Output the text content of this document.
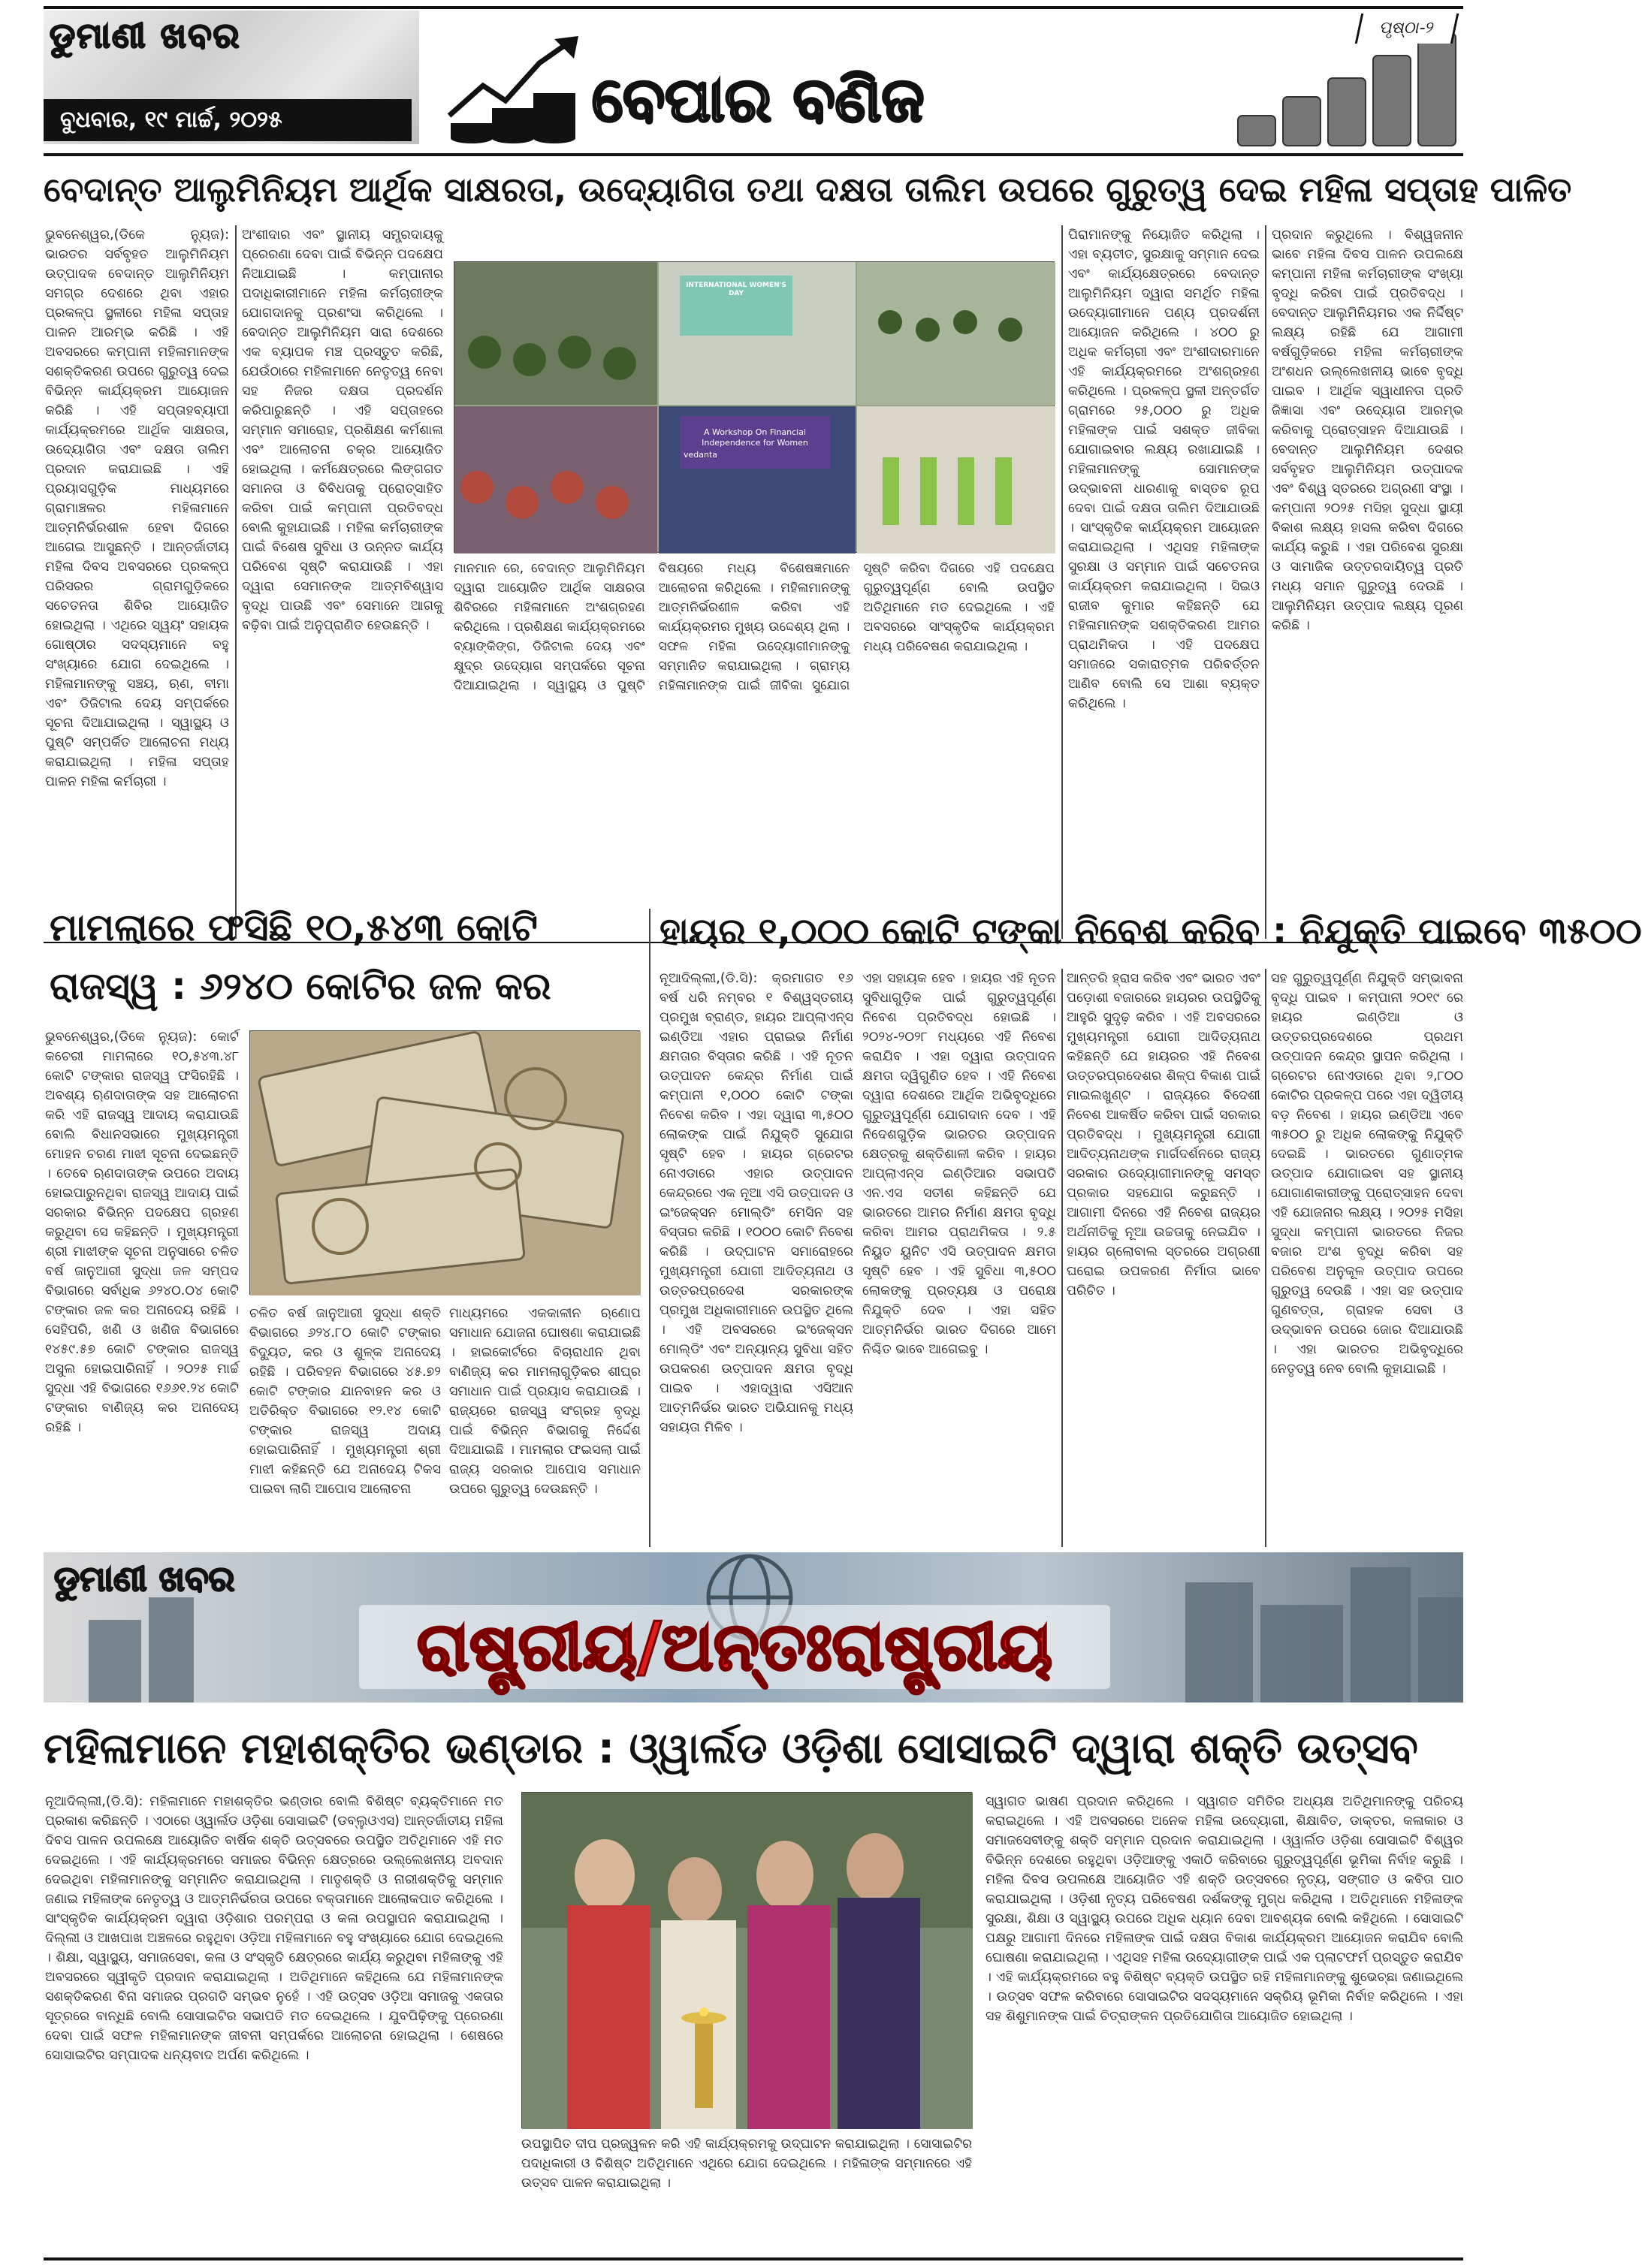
ଡୁମାଣୀ ଖବର
ବୁଧବାର, ୧୯ ମାର୍ଚ୍ଚ, ୨୦୨୫	ବେପାର ବଣିଜ
ପୃଷ୍ଠା-୨
ବେଦାନ୍ତ ଆଲୁମିନିୟମ ଆର୍ଥିକ ସାକ୍ଷରତା, ଉଦ୍ୟୋଗିତା ତଥା ଦକ୍ଷତା ତାଲିମ ଉପରେ ଗୁରୁତ୍ୱ ଦେଇ ମହିଳା ସପ୍ତାହ ପାଳିତ
ଭୁବନେଶ୍ୱର,(ଡିକେ ନ୍ୟୁଜ): ଭାରତର ସର୍ବବୃହତ ଆଲୁମିନିୟମ ଉତ୍ପାଦକ ବେଦାନ୍ତ ଆଲୁମିନିୟମ ସମଗ୍ର ଦେଶରେ ଥିବା ଏହାର ପ୍ରକଳ୍ପ ସ୍ଥଳୀରେ ମହିଳା ସପ୍ତାହ ପାଳନ ଆରମ୍ଭ କରିଛି । ଏହି ଅବସରରେ କମ୍ପାନୀ ମହିଳାମାନଙ୍କ ସଶକ୍ତିକରଣ ଉପରେ ଗୁରୁତ୍ୱ ଦେଇ ବିଭିନ୍ନ କାର୍ଯ୍ୟକ୍ରମ ଆୟୋଜନ କରିଛି । ଏହି ସପ୍ତାହବ୍ୟାପୀ କାର୍ଯ୍ୟକ୍ରମରେ ଆର୍ଥିକ ସାକ୍ଷରତା, ଉଦ୍ୟୋଗିତା ଏବଂ ଦକ୍ଷତା ତାଲିମ ପ୍ରଦାନ କରାଯାଇଛି । ଏହି ପ୍ରୟାସଗୁଡ଼ିକ ମାଧ୍ୟମରେ ଗ୍ରାମାଞ୍ଚଳର ମହିଳାମାନେ ଆତ୍ମନିର୍ଭରଶୀଳ ହେବା ଦିଗରେ ଆଗେଇ ଆସୁଛନ୍ତି । ଆନ୍ତର୍ଜାତୀୟ ମହିଳା ଦିବସ ଅବସରରେ ପ୍ରକଳ୍ପ ପରିସରର ଗ୍ରାମଗୁଡ଼ିକରେ ସଚେତନତା ଶିବିର ଆୟୋଜିତ ହୋଇଥିଲା । ଏଥିରେ ସ୍ୱୟଂ ସହାୟକ ଗୋଷ୍ଠୀର ସଦସ୍ୟମାନେ ବହୁ ସଂଖ୍ୟାରେ ଯୋଗ ଦେଇଥିଲେ । ମହିଳାମାନଙ୍କୁ ସଞ୍ଚୟ, ଋଣ, ବୀମା ଏବଂ ଡିଜିଟାଲ ଦେୟ ସମ୍ପର୍କରେ ସୂଚନା ଦିଆଯାଇଥିଲା । ସ୍ୱାସ୍ଥ୍ୟ ଓ ପୁଷ୍ଟି ସମ୍ପର୍କିତ ଆଲୋଚନା ମଧ୍ୟ କରାଯାଇଥିଲା । ମହିଳା ସପ୍ତାହ ପାଳନ ମହିଳା କର୍ମଚାରୀ ।
ଅଂଶୀଦାର ଏବଂ ସ୍ଥାନୀୟ ସମ୍ପ୍ରଦାୟକୁ ପ୍ରେରଣା ଦେବା ପାଇଁ ବିଭିନ୍ନ ପଦକ୍ଷେପ ନିଆଯାଇଛି । କମ୍ପାନୀର ପଦାଧିକାରୀମାନେ ମହିଳା କର୍ମଚାରୀଙ୍କ ଯୋଗଦାନକୁ ପ୍ରଶଂସା କରିଥିଲେ । ବେଦାନ୍ତ ଆଲୁମିନିୟମ ସାରା ଦେଶରେ ଏକ ବ୍ୟାପକ ମଞ୍ଚ ପ୍ରସ୍ତୁତ କରିଛି, ଯେଉଁଠାରେ ମହିଳାମାନେ ନେତୃତ୍ୱ ନେବା ସହ ନିଜର ଦକ୍ଷତା ପ୍ରଦର୍ଶନ କରିପାରୁଛନ୍ତି । ଏହି ସପ୍ତାହରେ ସମ୍ମାନ ସମାରୋହ, ପ୍ରଶିକ୍ଷଣ କର୍ମଶାଳା ଏବଂ ଆଲୋଚନା ଚକ୍ର ଆୟୋଜିତ ହୋଇଥିଲା । କର୍ମକ୍ଷେତ୍ରରେ ଲିଙ୍ଗଗତ ସମାନତା ଓ ବିବିଧତାକୁ ପ୍ରୋତ୍ସାହିତ କରିବା ପାଇଁ କମ୍ପାନୀ ପ୍ରତିବଦ୍ଧ ବୋଲି କୁହାଯାଇଛି । ମହିଳା କର୍ମଚାରୀଙ୍କ ପାଇଁ ବିଶେଷ ସୁବିଧା ଓ ଉନ୍ନତ କାର୍ଯ୍ୟ ପରିବେଶ ସୃଷ୍ଟି କରାଯାଉଛି । ଏହା ଦ୍ୱାରା ସେମାନଙ୍କ ଆତ୍ମବିଶ୍ୱାସ ବୃଦ୍ଧି ପାଉଛି ଏବଂ ସେମାନେ ଆଗକୁ ବଢ଼ିବା ପାଇଁ ଅନୁପ୍ରାଣିତ ହେଉଛନ୍ତି ।
INTERNATIONAL WOMEN'S DAY
A Workshop On Financial Independence for Women
vedanta
ମାନମାନ ରେ, ବେଦାନ୍ତ ଆଲୁମିନିୟମ ଦ୍ୱାରା ଆୟୋଜିତ ଆର୍ଥିକ ସାକ୍ଷରତା ଶିବିରରେ ମହିଳାମାନେ ଅଂଶଗ୍ରହଣ କରିଥିଲେ । ପ୍ରଶିକ୍ଷଣ କାର୍ଯ୍ୟକ୍ରମରେ ବ୍ୟାଙ୍କିଙ୍ଗ, ଡିଜିଟାଲ ଦେୟ ଏବଂ କ୍ଷୁଦ୍ର ଉଦ୍ୟୋଗ ସମ୍ପର୍କରେ ସୂଚନା ଦିଆଯାଇଥିଲା । ସ୍ୱାସ୍ଥ୍ୟ ଓ ପୁଷ୍ଟି ବିଷୟରେ ମଧ୍ୟ ବିଶେଷଜ୍ଞମାନେ ଆଲୋଚନା କରିଥିଲେ । ମହିଳାମାନଙ୍କୁ ଆତ୍ମନିର୍ଭରଶୀଳ କରିବା ଏହି କାର୍ଯ୍ୟକ୍ରମର ମୁଖ୍ୟ ଉଦ୍ଦେଶ୍ୟ ଥିଲା । ସଫଳ ମହିଳା ଉଦ୍ୟୋଗୀମାନଙ୍କୁ ସମ୍ମାନିତ କରାଯାଇଥିଲା । ଗ୍ରାମ୍ୟ ମହିଳାମାନଙ୍କ ପାଇଁ ଜୀବିକା ସୁଯୋଗ ସୃଷ୍ଟି କରିବା ଦିଗରେ ଏହି ପଦକ୍ଷେପ ଗୁରୁତ୍ୱପୂର୍ଣ୍ଣ ବୋଲି ଉପସ୍ଥିତ ଅତିଥିମାନେ ମତ ଦେଇଥିଲେ । ଏହି ଅବସରରେ ସାଂସ୍କୃତିକ କାର୍ଯ୍ୟକ୍ରମ ମଧ୍ୟ ପରିବେଷଣ କରାଯାଇଥିଲା ।
ପିରାମାନଙ୍କୁ ନିୟୋଜିତ କରିଥିଲା । ଏହା ବ୍ୟତୀତ, ସୁରକ୍ଷାକୁ ସମ୍ମାନ ଦେଇ ଏବଂ କାର୍ଯ୍ୟକ୍ଷେତ୍ରରେ ବେଦାନ୍ତ ଆଲୁମିନିୟମ ଦ୍ୱାରା ସମର୍ଥିତ ମହିଳା ଉଦ୍ୟୋଗୀମାନେ ପଣ୍ୟ ପ୍ରଦର୍ଶନୀ ଆୟୋଜନ କରିଥିଲେ । ୪୦୦ ରୁ ଅଧିକ କର୍ମଚାରୀ ଏବଂ ଅଂଶୀଦାରମାନେ ଏହି କାର୍ଯ୍ୟକ୍ରମରେ ଅଂଶଗ୍ରହଣ କରିଥିଲେ । ପ୍ରକଳ୍ପ ସ୍ଥଳୀ ଅନ୍ତର୍ଗତ ଗ୍ରାମରେ ୨୫,୦୦୦ ରୁ ଅଧିକ ମହିଳାଙ୍କ ପାଇଁ ସଶକ୍ତ ଜୀବିକା ଯୋଗାଇବାର ଲକ୍ଷ୍ୟ ରଖାଯାଇଛି । ମହିଳାମାନଙ୍କୁ ସୋମାନଙ୍କ ଉଦ୍ଭାବନୀ ଧାରଣାକୁ ବାସ୍ତବ ରୂପ ଦେବା ପାଇଁ ଦକ୍ଷତା ତାଲିମ ଦିଆଯାଉଛି । ସାଂସ୍କୃତିକ କାର୍ଯ୍ୟକ୍ରମ ଆୟୋଜନ କରାଯାଇଥିଲା । ଏଥିସହ ମହିଳାଙ୍କ ସୁରକ୍ଷା ଓ ସମ୍ମାନ ପାଇଁ ସଚେତନତା କାର୍ଯ୍ୟକ୍ରମ କରାଯାଇଥିଲା । ସିଇଓ ରାଜୀବ କୁମାର କହିଛନ୍ତି ଯେ ମହିଳାମାନଙ୍କ ସଶକ୍ତିକରଣ ଆମର ପ୍ରାଥମିକତା । ଏହି ପଦକ୍ଷେପ ସମାଜରେ ସକାରାତ୍ମକ ପରିବର୍ତ୍ତନ ଆଣିବ ବୋଲି ସେ ଆଶା ବ୍ୟକ୍ତ କରିଥିଲେ ।
ପ୍ରଦାନ କରୁଥିଲେ । ବିଶ୍ୱଜନୀନ ଭାବେ ମହିଳା ଦିବସ ପାଳନ ଉପଲକ୍ଷେ କମ୍ପାନୀ ମହିଳା କର୍ମଚାରୀଙ୍କ ସଂଖ୍ୟା ବୃଦ୍ଧି କରିବା ପାଇଁ ପ୍ରତିବଦ୍ଧ । ବେଦାନ୍ତ ଆଲୁମିନିୟମର ଏକ ନିର୍ଦ୍ଦିଷ୍ଟ ଲକ୍ଷ୍ୟ ରହିଛି ଯେ ଆଗାମୀ ବର୍ଷଗୁଡ଼ିକରେ ମହିଳା କର୍ମଚାରୀଙ୍କ ଅଂଶଧନ ଉଲ୍ଲେଖନୀୟ ଭାବେ ବୃଦ୍ଧି ପାଇବ । ଆର୍ଥିକ ସ୍ୱାଧୀନତା ପ୍ରତି ଜିଜ୍ଞାସା ଏବଂ ଉଦ୍ୟୋଗ ଆରମ୍ଭ କରିବାକୁ ପ୍ରୋତ୍ସାହନ ଦିଆଯାଉଛି । ବେଦାନ୍ତ ଆଲୁମିନିୟମ ଦେଶର ସର୍ବବୃହତ ଆଲୁମିନିୟମ ଉତ୍ପାଦକ ଏବଂ ବିଶ୍ୱ ସ୍ତରରେ ଅଗ୍ରଣୀ ସଂସ୍ଥା । କମ୍ପାନୀ ୨୦୨୫ ମସିହା ସୁଦ୍ଧା ସ୍ଥାୟୀ ବିକାଶ ଲକ୍ଷ୍ୟ ହାସଲ କରିବା ଦିଗରେ କାର୍ଯ୍ୟ କରୁଛି । ଏହା ପରିବେଶ ସୁରକ୍ଷା ଓ ସାମାଜିକ ଉତ୍ତରଦାୟିତ୍ୱ ପ୍ରତି ମଧ୍ୟ ସମାନ ଗୁରୁତ୍ୱ ଦେଉଛି । ଆଲୁମିନିୟମ ଉତ୍ପାଦ ଲକ୍ଷ୍ୟ ପୂରଣ କରିଛି ।
ମାମଲାରେ ଫସିଛି ୧୦,୫୪୩ କୋଟି
ରାଜସ୍ୱ : ୬୨୪୦ କୋଟିର ଜଳ କର
ଭୁବନେଶ୍ୱର,(ଡିକେ ନ୍ୟୁଜ): କୋର୍ଟ କଚେରୀ ମାମଲାରେ ୧୦,୫୪୩.୪୮ କୋଟି ଟଙ୍କାର ରାଜସ୍ୱ ଫସିରହିଛି । ଅବଶ୍ୟ ଋଣଦାତାଙ୍କ ସହ ଆଲୋଚନା କରି ଏହି ରାଜସ୍ୱ ଆଦାୟ କରାଯାଉଛି ବୋଲି ବିଧାନସଭାରେ ମୁଖ୍ୟମନ୍ତ୍ରୀ ମୋହନ ଚରଣ ମାଝୀ ସୂଚନା ଦେଇଛନ୍ତି । ତେବେ ଋଣଦାତାଙ୍କ ଉପରେ ଅଦାୟ ହୋଇପାରୁନଥିବା ରାଜସ୍ୱ ଆଦାୟ ପାଇଁ ସରକାର ବିଭିନ୍ନ ପଦକ୍ଷେପ ଗ୍ରହଣ କରୁଥିବା ସେ କହିଛନ୍ତି । ମୁଖ୍ୟମନ୍ତ୍ରୀ ଶ୍ରୀ ମାଝୀଙ୍କ ସୂଚନା ଅନୁସାରେ ଚଳିତ ବର୍ଷ ଜାନୁଆରୀ ସୁଦ୍ଧା ଜଳ ସମ୍ପଦ ବିଭାଗରେ ସର୍ବାଧିକ ୬୨୪୦.୦୪ କୋଟି ଟଙ୍କାର ଜଳ କର ଅନାଦେୟ ରହିଛି । ସେହିପରି, ଖଣି ଓ ଖଣିଜ ବିଭାଗରେ ୧୪୫୯.୫୭ କୋଟି ଟଙ୍କାର ରାଜସ୍ୱ ଅସୁଲ ହୋଇପାରିନାହିଁ । ୨୦୨୫ ମାର୍ଚ୍ଚ ସୁଦ୍ଧା ଏହି ବିଭାଗରେ ୧୬୬୧.୨୪ କୋଟି ଟଙ୍କାର ବାଣିଜ୍ୟ କର ଅନାଦେୟ ରହିଛି ।
ଚଳିତ ବର୍ଷ ଜାନୁଆରୀ ସୁଦ୍ଧା ଶକ୍ତି ବିଭାଗରେ ୬୨୪.୮୦ କୋଟି ଟଙ୍କାର ବିଦ୍ୟୁତ, କର ଓ ଶୁଳ୍କ ଅନାଦେୟ ରହିଛି । ପରିବହନ ବିଭାଗରେ ୪୫.୭୨ କୋଟି ଟଙ୍କାର ଯାନବାହନ କର ଓ ଅତିରିକ୍ତ ବିଭାଗରେ ୧୨.୧୪ କୋଟି ଟଙ୍କାର ରାଜସ୍ୱ ଅଦାୟ ହୋଇପାରିନାହିଁ । ମୁଖ୍ୟମନ୍ତ୍ରୀ ଶ୍ରୀ ମାଝୀ କହିଛନ୍ତି ଯେ ଅନାଦେୟ ଟିକସ ପାଇବା ଲାଗି ଆପୋସ ଆଲୋଚନା
ମାଧ୍ୟମରେ ଏକକାଳୀନ ଋଣୋପ ସମାଧାନ ଯୋଜନା ଘୋଷଣା କରାଯାଇଛି । ହାଇକୋର୍ଟରେ ବିଚାରାଧୀନ ଥିବା ବାଣିଜ୍ୟ କର ମାମଲାଗୁଡ଼ିକର ଶୀଘ୍ର ସମାଧାନ ପାଇଁ ପ୍ରୟାସ କରାଯାଉଛି । ରାଜ୍ୟରେ ରାଜସ୍ୱ ସଂଗ୍ରହ ବୃଦ୍ଧି ପାଇଁ ବିଭିନ୍ନ ବିଭାଗକୁ ନିର୍ଦ୍ଦେଶ ଦିଆଯାଇଛି । ମାମଲାର ଫଇସଲା ପାଇଁ ରାଜ୍ୟ ସରକାର ଆପୋସ ସମାଧାନ ଉପରେ ଗୁରୁତ୍ୱ ଦେଉଛନ୍ତି ।
ହାୟର ୧,୦୦୦ କୋଟି ଟଙ୍କା ନିବେଶ କରିବ : ନିଯୁକ୍ତି ପାଇବେ ୩୫୦୦
ନୂଆଦିଲ୍ଲୀ,(ଡି.ସି): କ୍ରମାଗତ ୧୬ ବର୍ଷ ଧରି ନମ୍ବର ୧ ବିଶ୍ୱସ୍ତରୀୟ ପ୍ରମୁଖ ବ୍ରାଣ୍ଡ, ହାୟର ଆପ୍ଲାଏନ୍ସ ଇଣ୍ଡିଆ ଏହାର ପ୍ରାଇଭ ନିର୍ମାଣ କ୍ଷମତାର ବିସ୍ତାର କରିଛି । ଏହି ନୂତନ ଉତ୍ପାଦନ କେନ୍ଦ୍ର ନିର୍ମାଣ ପାଇଁ କମ୍ପାନୀ ୧,୦୦୦ କୋଟି ଟଙ୍କା ନିବେଶ କରିବ । ଏହା ଦ୍ୱାରା ୩,୫୦୦ ଲୋକଙ୍କ ପାଇଁ ନିଯୁକ୍ତି ସୁଯୋଗ ସୃଷ୍ଟି ହେବ । ହାୟର ଗ୍ରେଟର ନୋଏଡାରେ ଏହାର ଉତ୍ପାଦନ କେନ୍ଦ୍ରରେ ଏକ ନୂଆ ଏସି ଉତ୍ପାଦନ ଓ ଇଂଜେକ୍ସନ ମୋଲ୍ଡିଂ ମେସିନ ସହ ବିସ୍ତାର କରିଛି । ୧୦୦୦ କୋଟି ନିବେଶ କରିଛି । ଉଦ୍‌ଘାଟନ ସମାରୋହରେ ମୁଖ୍ୟମନ୍ତ୍ରୀ ଯୋଗୀ ଆଦିତ୍ୟନାଥ ଓ ଉତ୍ତରପ୍ରଦେଶ ସରକାରଙ୍କ ପ୍ରମୁଖ ଅଧିକାରୀମାନେ ଉପସ୍ଥିତ ଥିଲେ । ଏହି ଅବସରରେ ଇଂଜେକ୍ସନ ମୋଲ୍ଡିଂ ଏବଂ ଅନ୍ୟାନ୍ୟ ସୁବିଧା ସହିତ ଉପକରଣ ଉତ୍ପାଦନ କ୍ଷମତା ବୃଦ୍ଧି ପାଇବ । ଏହାଦ୍ୱାରା ଏସିଆନ ଆତ୍ମନିର୍ଭର ଭାରତ ଅଭିଯାନକୁ ମଧ୍ୟ ସହାୟତା ମିଳିବ ।
ଏହା ସହାୟକ ହେବ । ହାୟର ଏହି ନୂତନ ସୁବିଧାଗୁଡ଼ିକ ପାଇଁ ଗୁରୁତ୍ୱପୂର୍ଣ୍ଣ ନିବେଶ ପ୍ରତିବଦ୍ଧ ହୋଇଛି । ୨୦୨୪-୨୦୨୮ ମଧ୍ୟରେ ଏହି ନିବେଶ କରାଯିବ । ଏହା ଦ୍ୱାରା ଉତ୍ପାଦନ କ୍ଷମତା ଦ୍ୱିଗୁଣିତ ହେବ । ଏହି ନିବେଶ ଦ୍ୱାରା ଦେଶରେ ଆର୍ଥିକ ଅଭିବୃଦ୍ଧିରେ ଗୁରୁତ୍ୱପୂର୍ଣ୍ଣ ଯୋଗଦାନ ଦେବ । ଏହି ନିଦେଶଗୁଡ଼ିକ ଭାରତର ଉତ୍ପାଦନ କ୍ଷେତ୍ରକୁ ଶକ୍ତିଶାଳୀ କରିବ । ହାୟର ଆପ୍ଲାଏନ୍ସ ଇଣ୍ଡିଆର ସଭାପତି ଏନ.ଏସ ସତୀଶ କହିଛନ୍ତି ଯେ ଭାରତରେ ଆମର ନିର୍ମାଣ କ୍ଷମତା ବୃଦ୍ଧି କରିବା ଆମର ପ୍ରାଥମିକତା । ୨.୫ ନିୟୁତ ୟୁନିଟ ଏସି ଉତ୍ପାଦନ କ୍ଷମତା ସୃଷ୍ଟି ହେବ । ଏହି ସୁବିଧା ୩,୫୦୦ ଲୋକଙ୍କୁ ପ୍ରତ୍ୟକ୍ଷ ଓ ପରୋକ୍ଷ ନିଯୁକ୍ତି ଦେବ । ଏହା ସହିତ ଆତ୍ମନିର୍ଭର ଭାରତ ଦିଗରେ ଆମେ ନିଶ୍ଚିତ ଭାବେ ଆଗେଇବୁ ।
ଆନ୍ତରି ହ୍ରାସ କରିବ ଏବଂ ଭାରତ ଏବଂ ପଡ଼ୋଶୀ ବଜାରରେ ହାୟରର ଉପସ୍ଥିତିକୁ ଆହୁରି ସୁଦୃଢ଼ କରିବ । ଏହି ଅବସରରେ ମୁଖ୍ୟମନ୍ତ୍ରୀ ଯୋଗୀ ଆଦିତ୍ୟନାଥ କହିଛନ୍ତି ଯେ ହାୟରର ଏହି ନିବେଶ ଉତ୍ତରପ୍ରଦେଶର ଶିଳ୍ପ ବିକାଶ ପାଇଁ ମାଇଲଖୁଣ୍ଟ । ରାଜ୍ୟରେ ବିଦେଶୀ ନିବେଶ ଆକର୍ଷିତ କରିବା ପାଇଁ ସରକାର ପ୍ରତିବଦ୍ଧ । ମୁଖ୍ୟମନ୍ତ୍ରୀ ଯୋଗୀ ଆଦିତ୍ୟନାଥଙ୍କ ମାର୍ଗଦର୍ଶନରେ ରାଜ୍ୟ ସରକାର ଉଦ୍ୟୋଗୀମାନଙ୍କୁ ସମସ୍ତ ପ୍ରକାର ସହଯୋଗ କରୁଛନ୍ତି । ଆଗାମୀ ଦିନରେ ଏହି ନିବେଶ ରାଜ୍ୟର ଅର୍ଥନୀତିକୁ ନୂଆ ଉଚ୍ଚତାକୁ ନେଇଯିବ । ହାୟର ଗ୍ଲୋବାଲ ସ୍ତରରେ ଅଗ୍ରଣୀ ଘରୋଇ ଉପକରଣ ନିର୍ମାତା ଭାବେ ପରିଚିତ ।
ସହ ଗୁରୁତ୍ୱପୂର୍ଣ୍ଣ ନିଯୁକ୍ତି ସମ୍ଭାବନା ବୃଦ୍ଧି ପାଇବ । କମ୍ପାନୀ ୨୦୧୯ ରେ ହାୟର ଇଣ୍ଡିଆ ଓ ଉତ୍ତରପ୍ରଦେଶରେ ପ୍ରଥମ ଉତ୍ପାଦନ କେନ୍ଦ୍ର ସ୍ଥାପନ କରିଥିଲା । ଗ୍ରେଟର ନୋଏଡାରେ ଥିବା ୨,୮୦୦ କୋଟିର ପ୍ରକଳ୍ପ ପରେ ଏହା ଦ୍ୱିତୀୟ ବଡ଼ ନିବେଶ । ହାୟର ଇଣ୍ଡିଆ ଏବେ ୩୫୦୦ ରୁ ଅଧିକ ଲୋକଙ୍କୁ ନିଯୁକ୍ତି ଦେଇଛି । ଭାରତରେ ଗୁଣାତ୍ମକ ଉତ୍ପାଦ ଯୋଗାଇବା ସହ ସ୍ଥାନୀୟ ଯୋଗାଣକାରୀଙ୍କୁ ପ୍ରୋତ୍ସାହନ ଦେବା ଏହି ଯୋଜନାର ଲକ୍ଷ୍ୟ । ୨୦୨୫ ମସିହା ସୁଦ୍ଧା କମ୍ପାନୀ ଭାରତରେ ନିଜର ବଜାର ଅଂଶ ବୃଦ୍ଧି କରିବା ସହ ପରିବେଶ ଅନୁକୂଳ ଉତ୍ପାଦ ଉପରେ ଗୁରୁତ୍ୱ ଦେଉଛି । ଏହା ସହ ଉତ୍ପାଦ ଗୁଣବତ୍ତା, ଗ୍ରାହକ ସେବା ଓ ଉଦ୍ଭାବନ ଉପରେ ଜୋର ଦିଆଯାଉଛି । ଏହା ଭାରତର ଅଭିବୃଦ୍ଧିରେ ନେତୃତ୍ୱ ନେବ ବୋଲି କୁହାଯାଇଛି ।
ଡୁମାଣୀ ଖବର
ରାଷ୍ଟ୍ରୀୟ/ଅନ୍ତଃରାଷ୍ଟ୍ରୀୟ
ମହିଳାମାନେ ମହାଶକ୍ତିର ଭଣ୍ଡାର : ଓ୍ୱାର୍ଲଡ ଓଡ଼ିଶା ସୋସାଇଟି ଦ୍ୱାରା ଶକ୍ତି ଉତ୍ସବ
ନୂଆଦିଲ୍ଲୀ,(ଡି.ସି): ମହିଳାମାନେ ମହାଶକ୍ତିର ଭଣ୍ଡାର ବୋଲି ବିଶିଷ୍ଟ ବ୍ୟକ୍ତିମାନେ ମତ ପ୍ରକାଶ କରିଛନ୍ତି । ଏଠାରେ ଓ୍ୱାର୍ଲଡ ଓଡ଼ିଶା ସୋସାଇଟି (ଡବ୍ଲୁଓଏସ) ଆନ୍ତର୍ଜାତୀୟ ମହିଳା ଦିବସ ପାଳନ ଉପଲକ୍ଷେ ଆୟୋଜିତ ବାର୍ଷିକ ଶକ୍ତି ଉତ୍ସବରେ ଉପସ୍ଥିତ ଅତିଥିମାନେ ଏହି ମତ ଦେଇଥିଲେ । ଏହି କାର୍ଯ୍ୟକ୍ରମରେ ସମାଜର ବିଭିନ୍ନ କ୍ଷେତ୍ରରେ ଉଲ୍ଲେଖନୀୟ ଅବଦାନ ଦେଇଥିବା ମହିଳାମାନଙ୍କୁ ସମ୍ମାନିତ କରାଯାଇଥିଲା । ମାତୃଶକ୍ତି ଓ ନାରୀଶକ୍ତିକୁ ସମ୍ମାନ ଜଣାଇ ମହିଳାଙ୍କ ନେତୃତ୍ୱ ଓ ଆତ୍ମନିର୍ଭରତା ଉପରେ ବକ୍ତାମାନେ ଆଲୋକପାତ କରିଥିଲେ । ସାଂସ୍କୃତିକ କାର୍ଯ୍ୟକ୍ରମ ଦ୍ୱାରା ଓଡ଼ିଶାର ପରମ୍ପରା ଓ କଳା ଉପସ୍ଥାପନ କରାଯାଇଥିଲା । ଦିଲ୍ଲୀ ଓ ଆଖପାଖ ଅଞ୍ଚଳରେ ରହୁଥିବା ଓଡ଼ିଆ ମହିଳାମାନେ ବହୁ ସଂଖ୍ୟାରେ ଯୋଗ ଦେଇଥିଲେ । ଶିକ୍ଷା, ସ୍ୱାସ୍ଥ୍ୟ, ସମାଜସେବା, କଳା ଓ ସଂସ୍କୃତି କ୍ଷେତ୍ରରେ କାର୍ଯ୍ୟ କରୁଥିବା ମହିଳାଙ୍କୁ ଏହି ଅବସରରେ ସ୍ୱୀକୃତି ପ୍ରଦାନ କରାଯାଇଥିଲା । ଅତିଥିମାନେ କହିଥିଲେ ଯେ ମହିଳାମାନଙ୍କ ସଶକ୍ତିକରଣ ବିନା ସମାଜର ପ୍ରଗତି ସମ୍ଭବ ନୁହେଁ । ଏହି ଉତ୍ସବ ଓଡ଼ିଆ ସମାଜକୁ ଏକତାର ସୂତ୍ରରେ ବାନ୍ଧିଛି ବୋଲି ସୋସାଇଟିର ସଭାପତି ମତ ଦେଇଥିଲେ । ଯୁବପିଢ଼ିଙ୍କୁ ପ୍ରେରଣା ଦେବା ପାଇଁ ସଫଳ ମହିଳାମାନଙ୍କ ଜୀବନୀ ସମ୍ପର୍କରେ ଆଲୋଚନା ହୋଇଥିଲା । ଶେଷରେ ସୋସାଇଟିର ସମ୍ପାଦକ ଧନ୍ୟବାଦ ଅର୍ପଣ କରିଥିଲେ ।
ଉପସ୍ଥାପିତ ଦୀପ ପ୍ରଜ୍ୱଳନ କରି ଏହି କାର୍ଯ୍ୟକ୍ରମକୁ ଉଦ୍‌ଘାଟନ କରାଯାଇଥିଲା । ସୋସାଇଟିର ପଦାଧିକାରୀ ଓ ବିଶିଷ୍ଟ ଅତିଥିମାନେ ଏଥିରେ ଯୋଗ ଦେଇଥିଲେ । ମହିଳାଙ୍କ ସମ୍ମାନରେ ଏହି ଉତ୍ସବ ପାଳନ କରାଯାଇଥିଲା ।
ସ୍ୱାଗତ ଭାଷଣ ପ୍ରଦାନ କରିଥିଲେ । ସ୍ୱାଗତ ସମିତିର ଅଧ୍ୟକ୍ଷ ଅତିଥିମାନଙ୍କୁ ପରିଚୟ କରାଇଥିଲେ । ଏହି ଅବସରରେ ଅନେକ ମହିଳା ଉଦ୍ୟୋଗୀ, ଶିକ୍ଷାବିତ, ଡାକ୍ତର, କଳାକାର ଓ ସମାଜସେବୀଙ୍କୁ ଶକ୍ତି ସମ୍ମାନ ପ୍ରଦାନ କରାଯାଇଥିଲା । ଓ୍ୱାର୍ଲଡ ଓଡ଼ିଶା ସୋସାଇଟି ବିଶ୍ୱର ବିଭିନ୍ନ ଦେଶରେ ରହୁଥିବା ଓଡ଼ିଆଙ୍କୁ ଏକାଠି କରିବାରେ ଗୁରୁତ୍ୱପୂର୍ଣ୍ଣ ଭୂମିକା ନିର୍ବାହ କରୁଛି । ମହିଳା ଦିବସ ଉପଲକ୍ଷେ ଆୟୋଜିତ ଏହି ଶକ୍ତି ଉତ୍ସବରେ ନୃତ୍ୟ, ସଙ୍ଗୀତ ଓ କବିତା ପାଠ କରାଯାଇଥିଲା । ଓଡ଼ିଶୀ ନୃତ୍ୟ ପରିବେଷଣ ଦର୍ଶକଙ୍କୁ ମୁଗ୍ଧ କରିଥିଲା । ଅତିଥିମାନେ ମହିଳାଙ୍କ ସୁରକ୍ଷା, ଶିକ୍ଷା ଓ ସ୍ୱାସ୍ଥ୍ୟ ଉପରେ ଅଧିକ ଧ୍ୟାନ ଦେବା ଆବଶ୍ୟକ ବୋଲି କହିଥିଲେ । ସୋସାଇଟି ପକ୍ଷରୁ ଆଗାମୀ ଦିନରେ ମହିଳାଙ୍କ ପାଇଁ ଦକ୍ଷତା ବିକାଶ କାର୍ଯ୍ୟକ୍ରମ ଆୟୋଜନ କରାଯିବ ବୋଲି ଘୋଷଣା କରାଯାଇଥିଲା । ଏଥିସହ ମହିଳା ଉଦ୍ୟୋଗୀଙ୍କ ପାଇଁ ଏକ ପ୍ଲାଟଫର୍ମ ପ୍ରସ୍ତୁତ କରାଯିବ । ଏହି କାର୍ଯ୍ୟକ୍ରମରେ ବହୁ ବିଶିଷ୍ଟ ବ୍ୟକ୍ତି ଉପସ୍ଥିତ ରହି ମହିଳାମାନଙ୍କୁ ଶୁଭେଚ୍ଛା ଜଣାଇଥିଲେ । ଉତ୍ସବ ସଫଳ କରିବାରେ ସୋସାଇଟିର ସଦସ୍ୟମାନେ ସକ୍ରିୟ ଭୂମିକା ନିର୍ବାହ କରିଥିଲେ । ଏହା ସହ ଶିଶୁମାନଙ୍କ ପାଇଁ ଚିତ୍ରାଙ୍କନ ପ୍ରତିଯୋଗିତା ଆୟୋଜିତ ହୋଇଥିଲା ।
